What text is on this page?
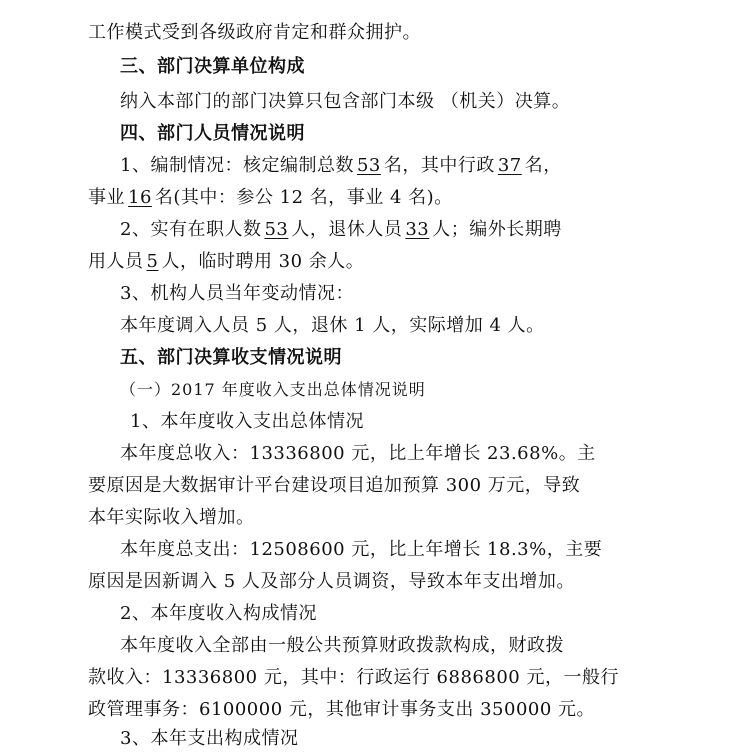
工作模式受到各级政府肯定和群众拥护。
三、部门决算单位构成
纳入本部门的部门决算只包含部门本级 （机关）决算。
四、部门人员情况说明
1、编制情况：核定编制总数 53 名，其中行政 37 名，
事业 16 名(其中：参公 12 名，事业 4 名)。
2、实有在职人数 53 人，退休人员 33 人；编外长期聘
用人员 5 人，临时聘用 30 余人。
3、机构人员当年变动情况：
本年度调入人员 5 人，退休 1 人，实际增加 4 人。
五、部门决算收支情况说明
（一）2017 年度收入支出总体情况说明
1、本年度收入支出总体情况
本年度总收入：13336800 元，比上年增长 23.68%。主
要原因是大数据审计平台建设项目追加预算 300 万元，导致
本年实际收入增加。
本年度总支出：12508600 元，比上年增长 18.3%，主要
原因是因新调入 5 人及部分人员调资，导致本年支出增加。
2、本年度收入构成情况
本年度收入全部由一般公共预算财政拨款构成，财政拨
款收入：13336800 元，其中：行政运行 6886800 元，一般行
政管理事务：6100000 元，其他审计事务支出 350000 元。
3、本年支出构成情况
